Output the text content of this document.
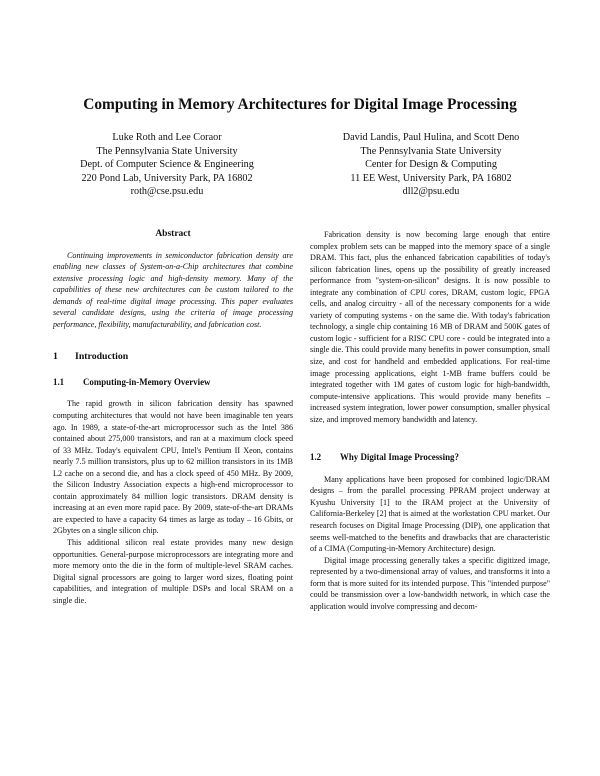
Computing in Memory Architectures for Digital Image Processing
Luke Roth and Lee Coraor
The Pennsylvania State University
Dept. of Computer Science & Engineering
220 Pond Lab, University Park, PA 16802
roth@cse.psu.edu
David Landis, Paul Hulina, and Scott Deno
The Pennsylvania State University
Center for Design & Computing
11 EE West, University Park, PA 16802
dll2@psu.edu
Abstract

Continuing improvements in semiconductor fabrication density are enabling new classes of System-on-a-Chip architectures that combine extensive processing logic and high-density memory. Many of the capabilities of these new architectures can be custom tailored to the demands of real-time digital image processing. This paper evaluates several candidate designs, using the criteria of image processing performance, flexibility, manufacturability, and fabrication cost.

1 Introduction
1.1 Computing-in-Memory Overview

The rapid growth in silicon fabrication density has spawned computing architectures that would not have been imaginable ten years ago. In 1989, a state-of-the-art microprocessor such as the Intel 386 contained about 275,000 transistors, and ran at a maximum clock speed of 33 MHz. Today's equivalent CPU, Intel's Pentium II Xeon, contains nearly 7.5 million transistors, plus up to 62 million transistors in its 1MB L2 cache on a second die, and has a clock speed of 450 MHz. By 2009, the Silicon Industry Association expects a high-end microprocessor to contain approximately 84 million logic transistors. DRAM density is increasing at an even more rapid pace. By 2009, state-of-the-art DRAMs are expected to have a capacity 64 times as large as today – 16 Gbits, or 2Gbytes on a single silicon chip.

This additional silicon real estate provides many new design opportunities. General-purpose microprocessors are integrating more and more memory onto the die in the form of multiple-level SRAM caches. Digital signal processors are going to larger word sizes, floating point capabilities, and integration of multiple DSPs and local SRAM on a single die.

Fabrication density is now becoming large enough that entire complex problem sets can be mapped into the memory space of a single DRAM. This fact, plus the enhanced fabrication capabilities of today's silicon fabrication lines, opens up the possibility of greatly increased performance from "system-on-silicon" designs. It is now possible to integrate any combination of CPU cores, DRAM, custom logic, FPGA cells, and analog circuitry - all of the necessary components for a wide variety of computing systems - on the same die. With today's fabrication technology, a single chip containing 16 MB of DRAM and 500K gates of custom logic - sufficient for a RISC CPU core - could be integrated into a single die. This could provide many benefits in power consumption, small size, and cost for handheld and embedded applications. For real-time image processing applications, eight 1-MB frame buffers could be integrated together with 1M gates of custom logic for high-bandwidth, compute-intensive applications. This would provide many benefits – increased system integration, lower power consumption, smaller physical size, and improved memory bandwidth and latency.

1.2 Why Digital Image Processing?

Many applications have been proposed for combined logic/DRAM designs – from the parallel processing PPRAM project underway at Kyushu University [1] to the IRAM project at the University of California-Berkeley [2] that is aimed at the workstation CPU market. Our research focuses on Digital Image Processing (DIP), one application that seems well-matched to the benefits and drawbacks that are characteristic of a CIMA (Computing-in-Memory Architecture) design.

Digital image processing generally takes a specific digitized image, represented by a two-dimensional array of values, and transforms it into a form that is more suited for its intended purpose. This "intended purpose" could be transmission over a low-bandwidth network, in which case the application would involve compressing and decom-
